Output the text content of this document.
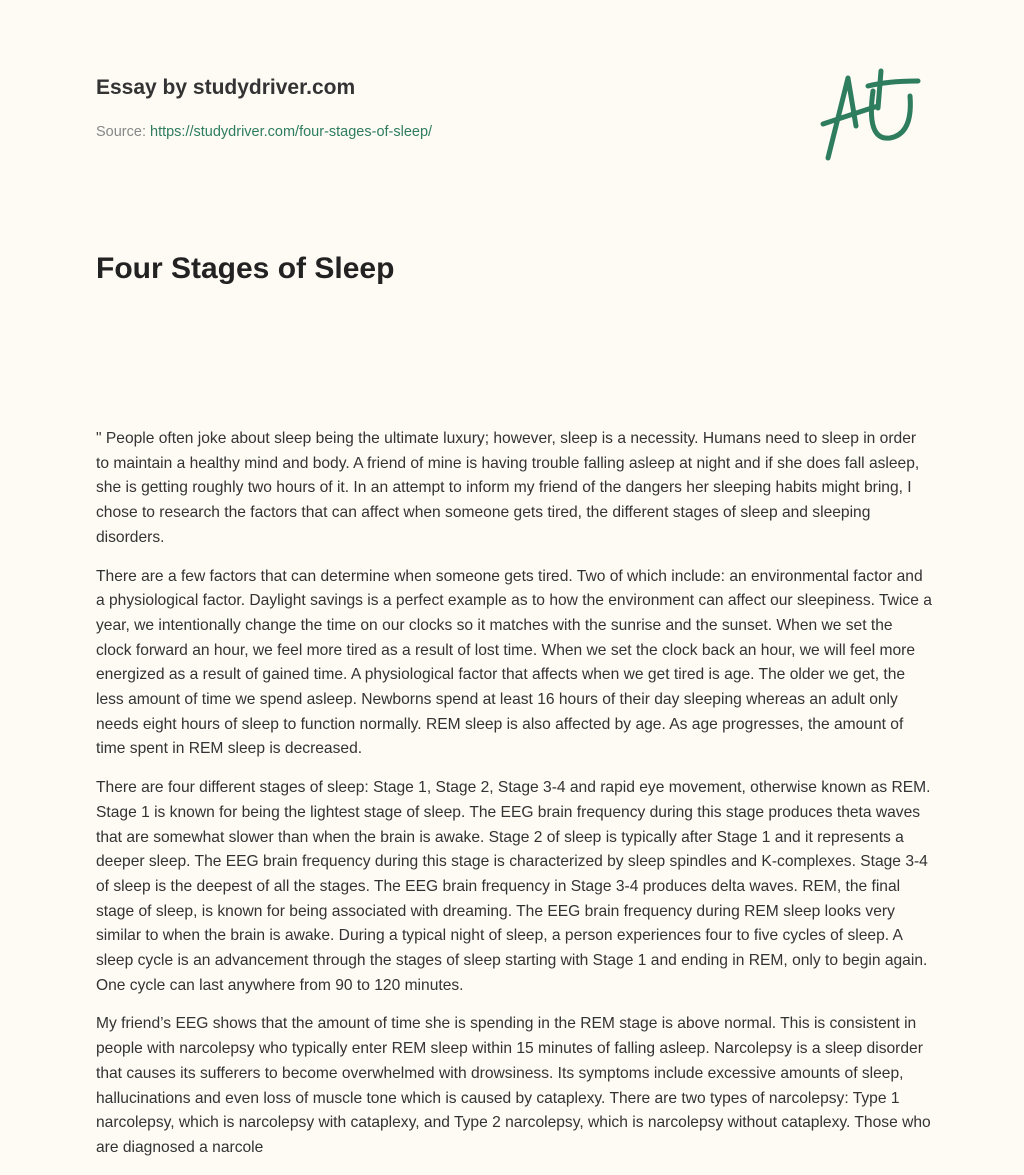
Essay by studydriver.com
Source: https://studydriver.com/four-stages-of-sleep/
Four Stages of Sleep

" People often joke about sleep being the ultimate luxury; however, sleep is a necessity. Humans need to sleep in order to maintain a healthy mind and body. A friend of mine is having trouble falling asleep at night and if she does fall asleep, she is getting roughly two hours of it. In an attempt to inform my friend of the dangers her sleeping habits might bring, I chose to research the factors that can affect when someone gets tired, the different stages of sleep and sleeping disorders.

There are a few factors that can determine when someone gets tired. Two of which include: an environmental factor and a physiological factor. Daylight savings is a perfect example as to how the environment can affect our sleepiness. Twice a year, we intentionally change the time on our clocks so it matches with the sunrise and the sunset. When we set the clock forward an hour, we feel more tired as a result of lost time. When we set the clock back an hour, we will feel more energized as a result of gained time. A physiological factor that affects when we get tired is age. The older we get, the less amount of time we spend asleep. Newborns spend at least 16 hours of their day sleeping whereas an adult only needs eight hours of sleep to function normally. REM sleep is also affected by age. As age progresses, the amount of time spent in REM sleep is decreased.

There are four different stages of sleep: Stage 1, Stage 2, Stage 3-4 and rapid eye movement, otherwise known as REM. Stage 1 is known for being the lightest stage of sleep. The EEG brain frequency during this stage produces theta waves that are somewhat slower than when the brain is awake. Stage 2 of sleep is typically after Stage 1 and it represents a deeper sleep. The EEG brain frequency during this stage is characterized by sleep spindles and K-complexes. Stage 3-4 of sleep is the deepest of all the stages. The EEG brain frequency in Stage 3-4 produces delta waves. REM, the final stage of sleep, is known for being associated with dreaming. The EEG brain frequency during REM sleep looks very similar to when the brain is awake. During a typical night of sleep, a person experiences four to five cycles of sleep. A sleep cycle is an advancement through the stages of sleep starting with Stage 1 and ending in REM, only to begin again. One cycle can last anywhere from 90 to 120 minutes.

My friend’s EEG shows that the amount of time she is spending in the REM stage is above normal. This is consistent in people with narcolepsy who typically enter REM sleep within 15 minutes of falling asleep. Narcolepsy is a sleep disorder that causes its sufferers to become overwhelmed with drowsiness. Its symptoms include excessive amounts of sleep, hallucinations and even loss of muscle tone which is caused by cataplexy. There are two types of narcolepsy: Type 1 narcolepsy, which is narcolepsy with cataplexy, and Type 2 narcolepsy, which is narcolepsy without cataplexy. Those who are diagnosed a narcole
